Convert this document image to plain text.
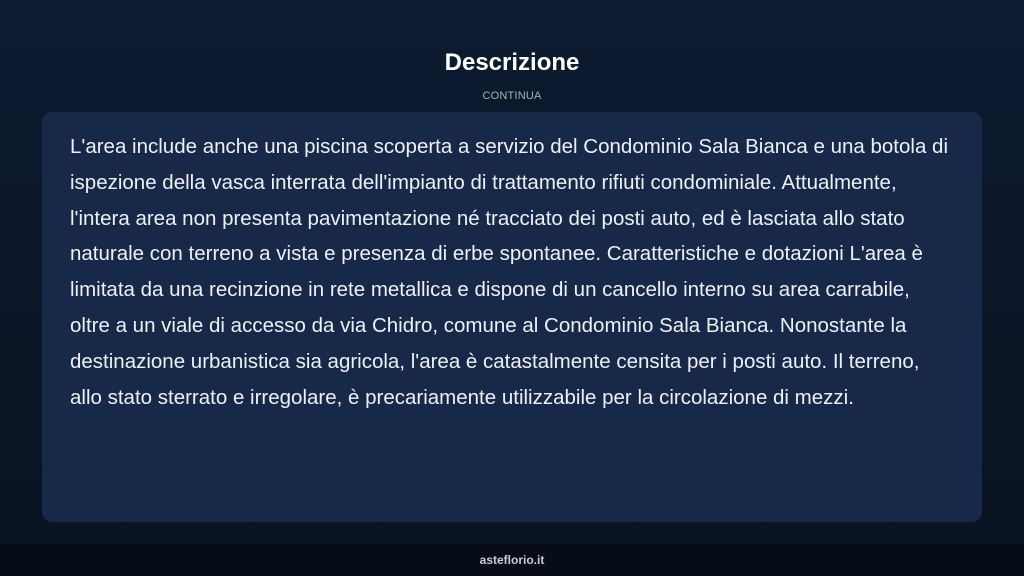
Descrizione
CONTINUA

L'area include anche una piscina scoperta a servizio del Condominio Sala Bianca e una botola di ispezione della vasca interrata dell'impianto di trattamento rifiuti condominiale. Attualmente, l'intera area non presenta pavimentazione né tracciato dei posti auto, ed è lasciata allo stato naturale con terreno a vista e presenza di erbe spontanee. Caratteristiche e dotazioni L'area è limitata da una recinzione in rete metallica e dispone di un cancello interno su area carrabile, oltre a un viale di accesso da via Chidro, comune al Condominio Sala Bianca. Nonostante la destinazione urbanistica sia agricola, l'area è catastalmente censita per i posti auto. Il terreno, allo stato sterrato e irregolare, è precariamente utilizzabile per la circolazione di mezzi.

asteflorio.it
